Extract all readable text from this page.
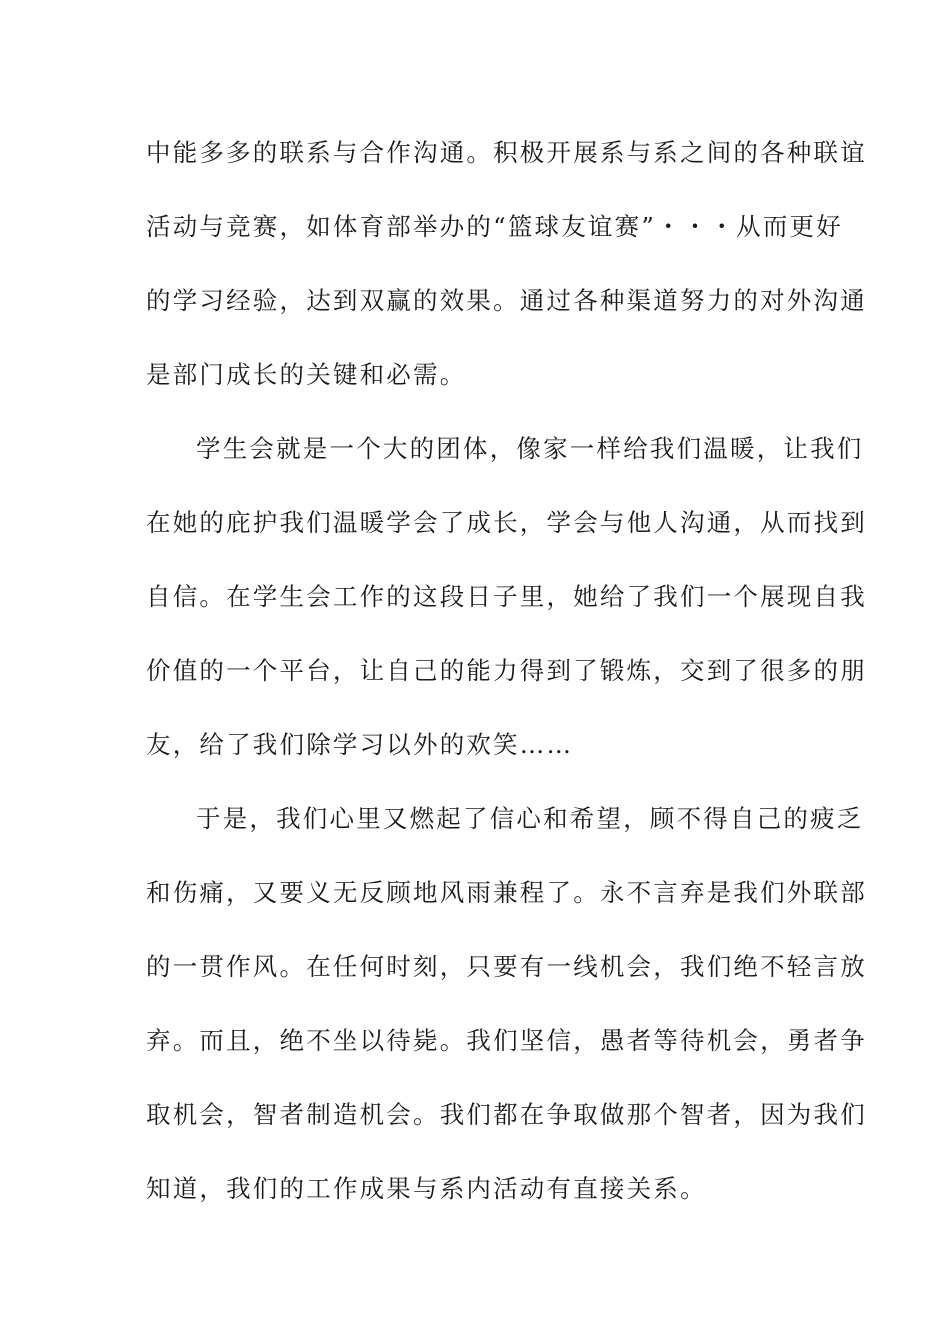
中能多多的联系与合作沟通。积极开展系与系之间的各种联谊
活动与竞赛，如体育部举办的“篮球友谊赛”・・・从而更好
的学习经验，达到双赢的效果。通过各种渠道努力的对外沟通
是部门成长的关键和必需。
学生会就是一个大的团体，像家一样给我们温暖，让我们
在她的庇护我们温暖学会了成长，学会与他人沟通，从而找到
自信。在学生会工作的这段日子里，她给了我们一个展现自我
价值的一个平台，让自己的能力得到了锻炼，交到了很多的朋
友，给了我们除学习以外的欢笑……
于是，我们心里又燃起了信心和希望，顾不得自己的疲乏
和伤痛，又要义无反顾地风雨兼程了。永不言弃是我们外联部
的一贯作风。在任何时刻，只要有一线机会，我们绝不轻言放
弃。而且，绝不坐以待毙。我们坚信，愚者等待机会，勇者争
取机会，智者制造机会。我们都在争取做那个智者，因为我们
知道，我们的工作成果与系内活动有直接关系。
